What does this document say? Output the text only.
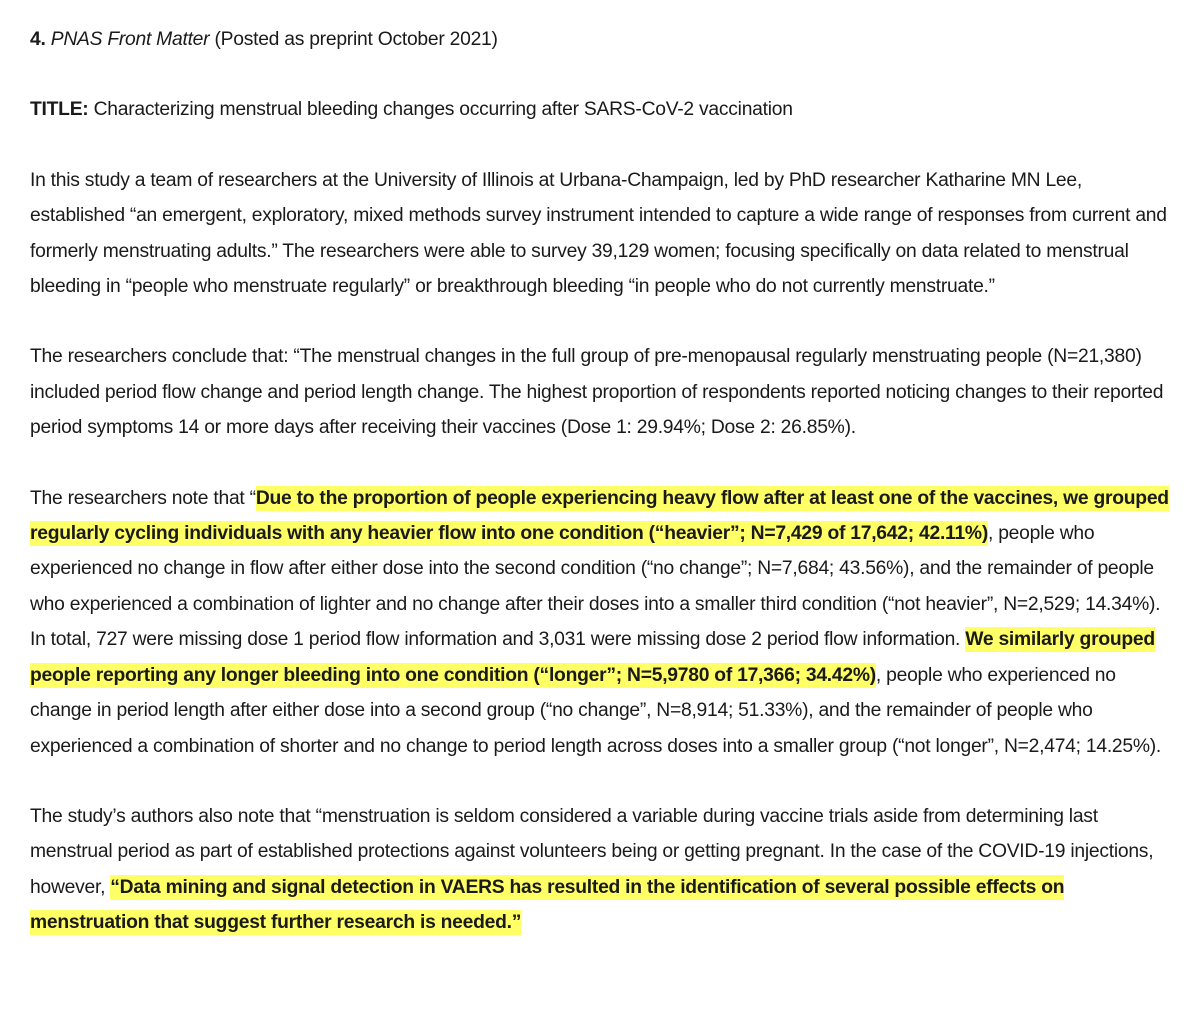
4. PNAS Front Matter (Posted as preprint October 2021)

TITLE: Characterizing menstrual bleeding changes occurring after SARS-CoV-2 vaccination

In this study a team of researchers at the University of Illinois at Urbana-Champaign, led by PhD researcher Katharine MN Lee, established “an emergent, exploratory, mixed methods survey instrument intended to capture a wide range of responses from current and formerly menstruating adults.” The researchers were able to survey 39,129 women; focusing specifically on data related to menstrual bleeding in “people who menstruate regularly” or breakthrough bleeding “in people who do not currently menstruate.”

The researchers conclude that: “The menstrual changes in the full group of pre-menopausal regularly menstruating people (N=21,380) included period flow change and period length change. The highest proportion of respondents reported noticing changes to their reported period symptoms 14 or more days after receiving their vaccines (Dose 1: 29.94%; Dose 2: 26.85%).

The researchers note that “Due to the proportion of people experiencing heavy flow after at least one of the vaccines, we grouped regularly cycling individuals with any heavier flow into one condition (“heavier”; N=7,429 of 17,642; 42.11%), people who experienced no change in flow after either dose into the second condition (“no change”; N=7,684; 43.56%), and the remainder of people who experienced a combination of lighter and no change after their doses into a smaller third condition (“not heavier”, N=2,529; 14.34%). In total, 727 were missing dose 1 period flow information and 3,031 were missing dose 2 period flow information. We similarly grouped people reporting any longer bleeding into one condition (“longer”; N=5,9780 of 17,366; 34.42%), people who experienced no change in period length after either dose into a second group (“no change”, N=8,914; 51.33%), and the remainder of people who experienced a combination of shorter and no change to period length across doses into a smaller group (“not longer”, N=2,474; 14.25%).

The study’s authors also note that “menstruation is seldom considered a variable during vaccine trials aside from determining last menstrual period as part of established protections against volunteers being or getting pregnant. In the case of the COVID-19 injections, however, “Data mining and signal detection in VAERS has resulted in the identification of several possible effects on menstruation that suggest further research is needed.”
